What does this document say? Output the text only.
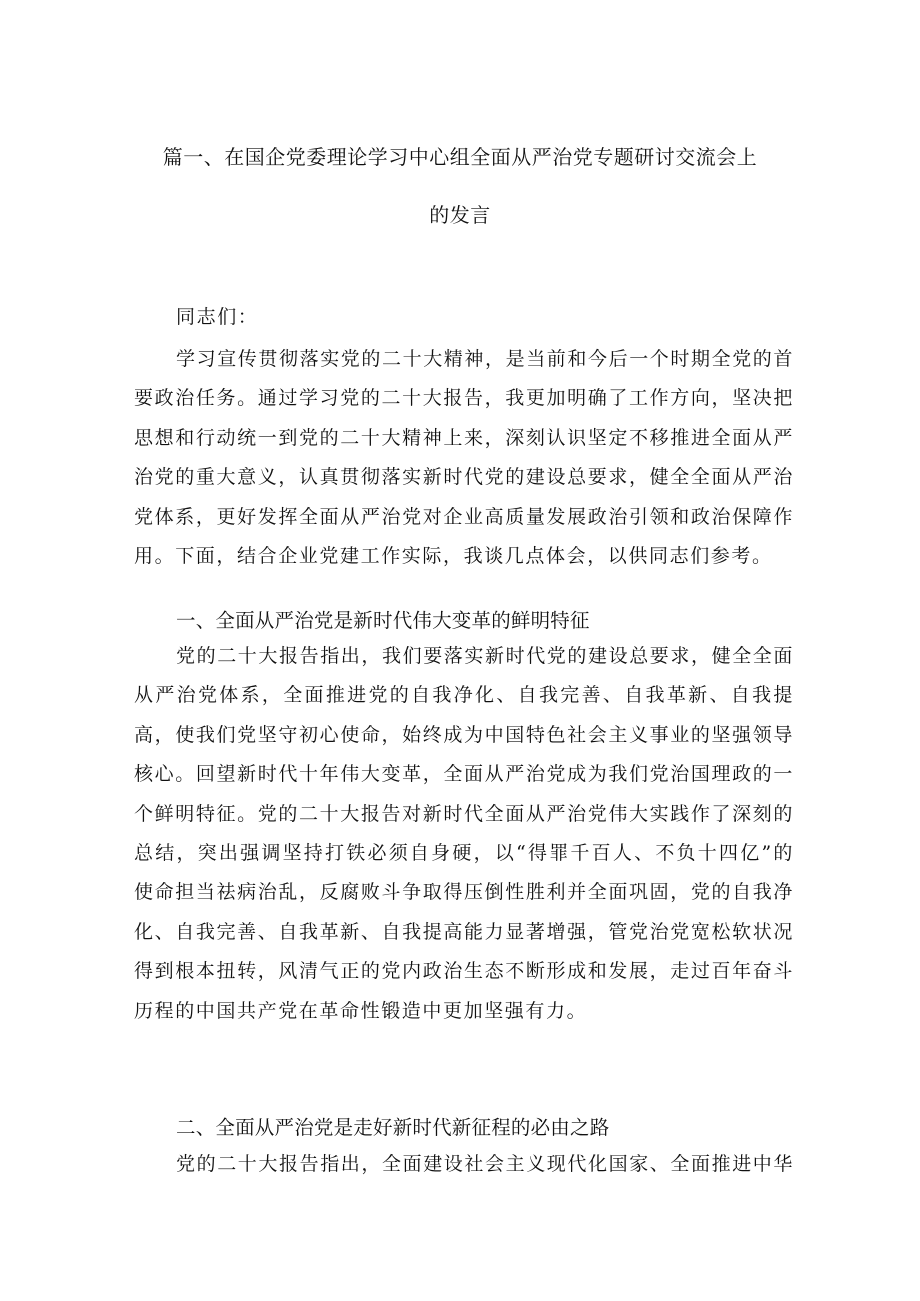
篇一、在国企党委理论学习中心组全面从严治党专题研讨交流会上
的发言
同志们：

学习宣传贯彻落实党的二十大精神，是当前和今后一个时期全党的首要政治任务。通过学习党的二十大报告，我更加明确了工作方向，坚决把思想和行动统一到党的二十大精神上来，深刻认识坚定不移推进全面从严治党的重大意义，认真贯彻落实新时代党的建设总要求，健全全面从严治党体系，更好发挥全面从严治党对企业高质量发展政治引领和政治保障作用。下面，结合企业党建工作实际，我谈几点体会，以供同志们参考。

一、全面从严治党是新时代伟大变革的鲜明特征

党的二十大报告指出，我们要落实新时代党的建设总要求，健全全面从严治党体系，全面推进党的自我净化、自我完善、自我革新、自我提高，使我们党坚守初心使命，始终成为中国特色社会主义事业的坚强领导核心。回望新时代十年伟大变革，全面从严治党成为我们党治国理政的一个鲜明特征。党的二十大报告对新时代全面从严治党伟大实践作了深刻的总结，突出强调坚持打铁必须自身硬，以“得罪千百人、不负十四亿”的使命担当祛病治乱，反腐败斗争取得压倒性胜利并全面巩固，党的自我净化、自我完善、自我革新、自我提高能力显著增强，管党治党宽松软状况得到根本扭转，风清气正的党内政治生态不断形成和发展，走过百年奋斗历程的中国共产党在革命性锻造中更加坚强有力。

二、全面从严治党是走好新时代新征程的必由之路

党的二十大报告指出，全面建设社会主义现代化国家、全面推进中华
